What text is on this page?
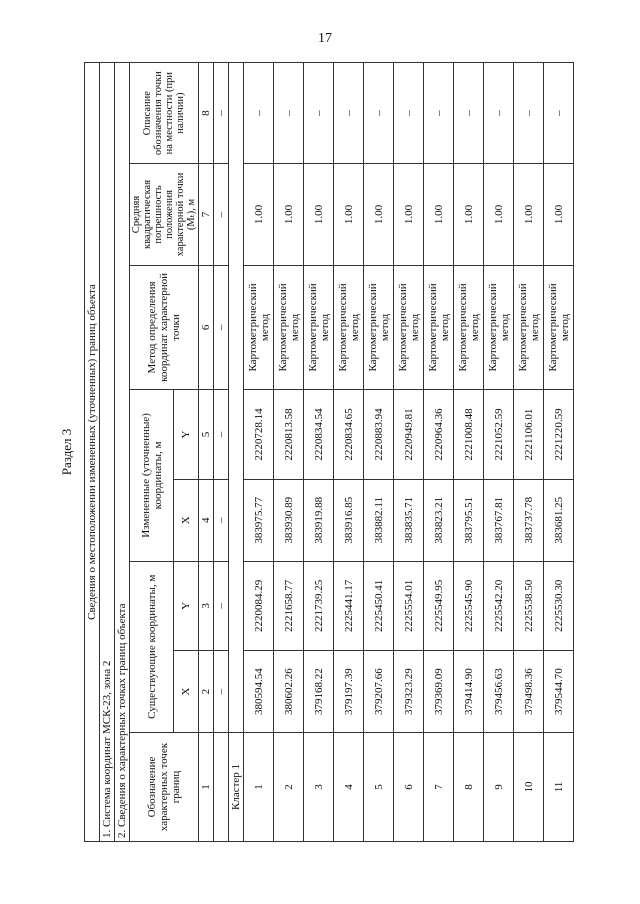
17
Раздел 3 Сведения о местоположении измененных (уточненных) границ объекта							
1. Система координат МСК-23, зона 2							
2. Сведения о характерных точках границ объекта							
Обозначение характерных точек границ	Существующие координаты, м		Измененные (уточненные) координаты, м		Метод определения координат характерной точки	Средняя квадратическая погрешность положения характерной точки (Mₜ), м	Описание обозначения точки на местности (при наличии)
	X	Y	X	Y			
1	2	3	4	5	6	7	8
	–	–	–	–	–	–	–
Кластер 1							
1	380594.54	2220084.29	383975.77	2220728.14	Картометрический метод	1.00	–
2	380602.26	2221658.77	383930.89	2220813.58	Картометрический метод	1.00	–
3	379168.22	2221739.25	383919.88	2220834.54	Картометрический метод	1.00	–
4	379197.39	2225441.17	383916.85	2220834.65	Картометрический метод	1.00	–
5	379207.66	2225450.41	383882.11	2220883.94	Картометрический метод	1.00	–
6	379323.29	2225554.01	383835.71	2220949.81	Картометрический метод	1.00	–
7	379369.09	2225549.95	383823.21	2220964.36	Картометрический метод	1.00	–
8	379414.90	2225545.90	383795.51	2221008.48	Картометрический метод	1.00	–
9	379456.63	2225542.20	383767.81	2221052.59	Картометрический метод	1.00	–
10	379498.36	2225538.50	383737.78	2221106.01	Картометрический метод	1.00	–
11	379544.70	2225530.30	383681.25	2221220.59	Картометрический метод	1.00	–
